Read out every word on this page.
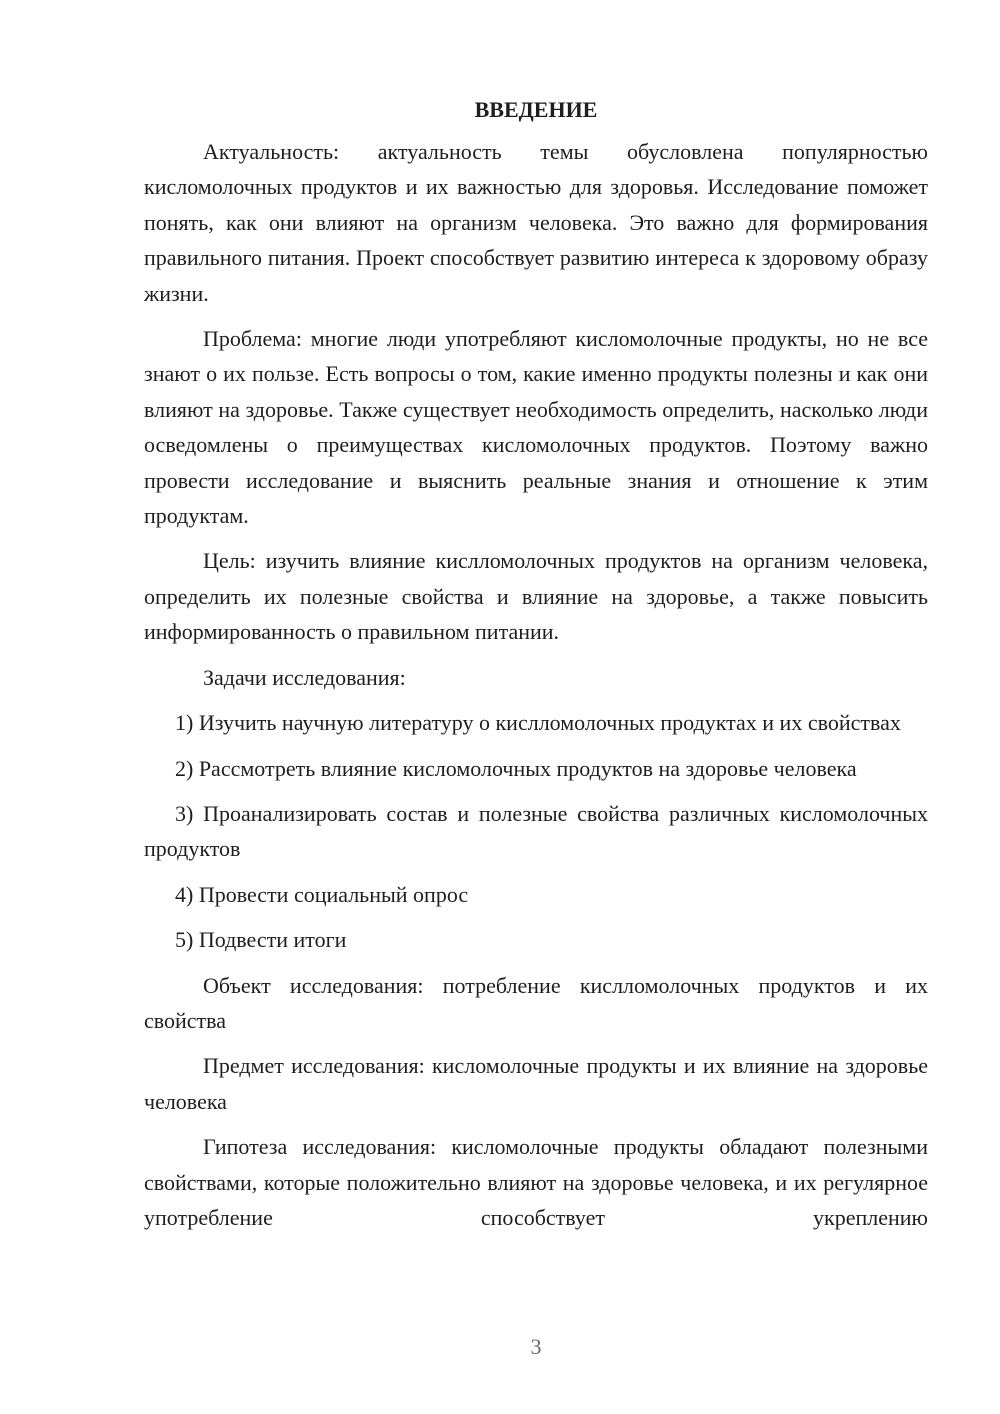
ВВЕДЕНИЕ
Актуальность: актуальность темы обусловлена популярностью кисломолочных продуктов и их важностью для здоровья. Исследование поможет понять, как они влияют на организм человека. Это важно для формирования правильного питания. Проект способствует развитию интереса к здоровому образу жизни.
Проблема: многие люди употребляют кисломолочные продукты, но не все знают о их пользе. Есть вопросы о том, какие именно продукты полезны и как они влияют на здоровье. Также существует необходимость определить, насколько люди осведомлены о преимуществах кисломолочных продуктов. Поэтому важно провести исследование и выяснить реальные знания и отношение к этим продуктам.
Цель: изучить влияние кислломолочных продуктов на организм человека, определить их полезные свойства и влияние на здоровье, а также повысить информированность о правильном питании.
Задачи исследования:
1) Изучить научную литературу о кислломолочных продуктах и их свойствах
2) Рассмотреть влияние кисломолочных продуктов на здоровье человека
3) Проанализировать состав и полезные свойства различных кисломолочных продуктов
4) Провести социальный опрос
5) Подвести итоги
Объект исследования: потребление кислломолочных продуктов и их свойства
Предмет исследования: кисломолочные продукты и их влияние на здоровье человека
Гипотеза исследования: кисломолочные продукты обладают полезными свойствами, которые положительно влияют на здоровье человека, и их регулярное употребление способствует укреплению
3
